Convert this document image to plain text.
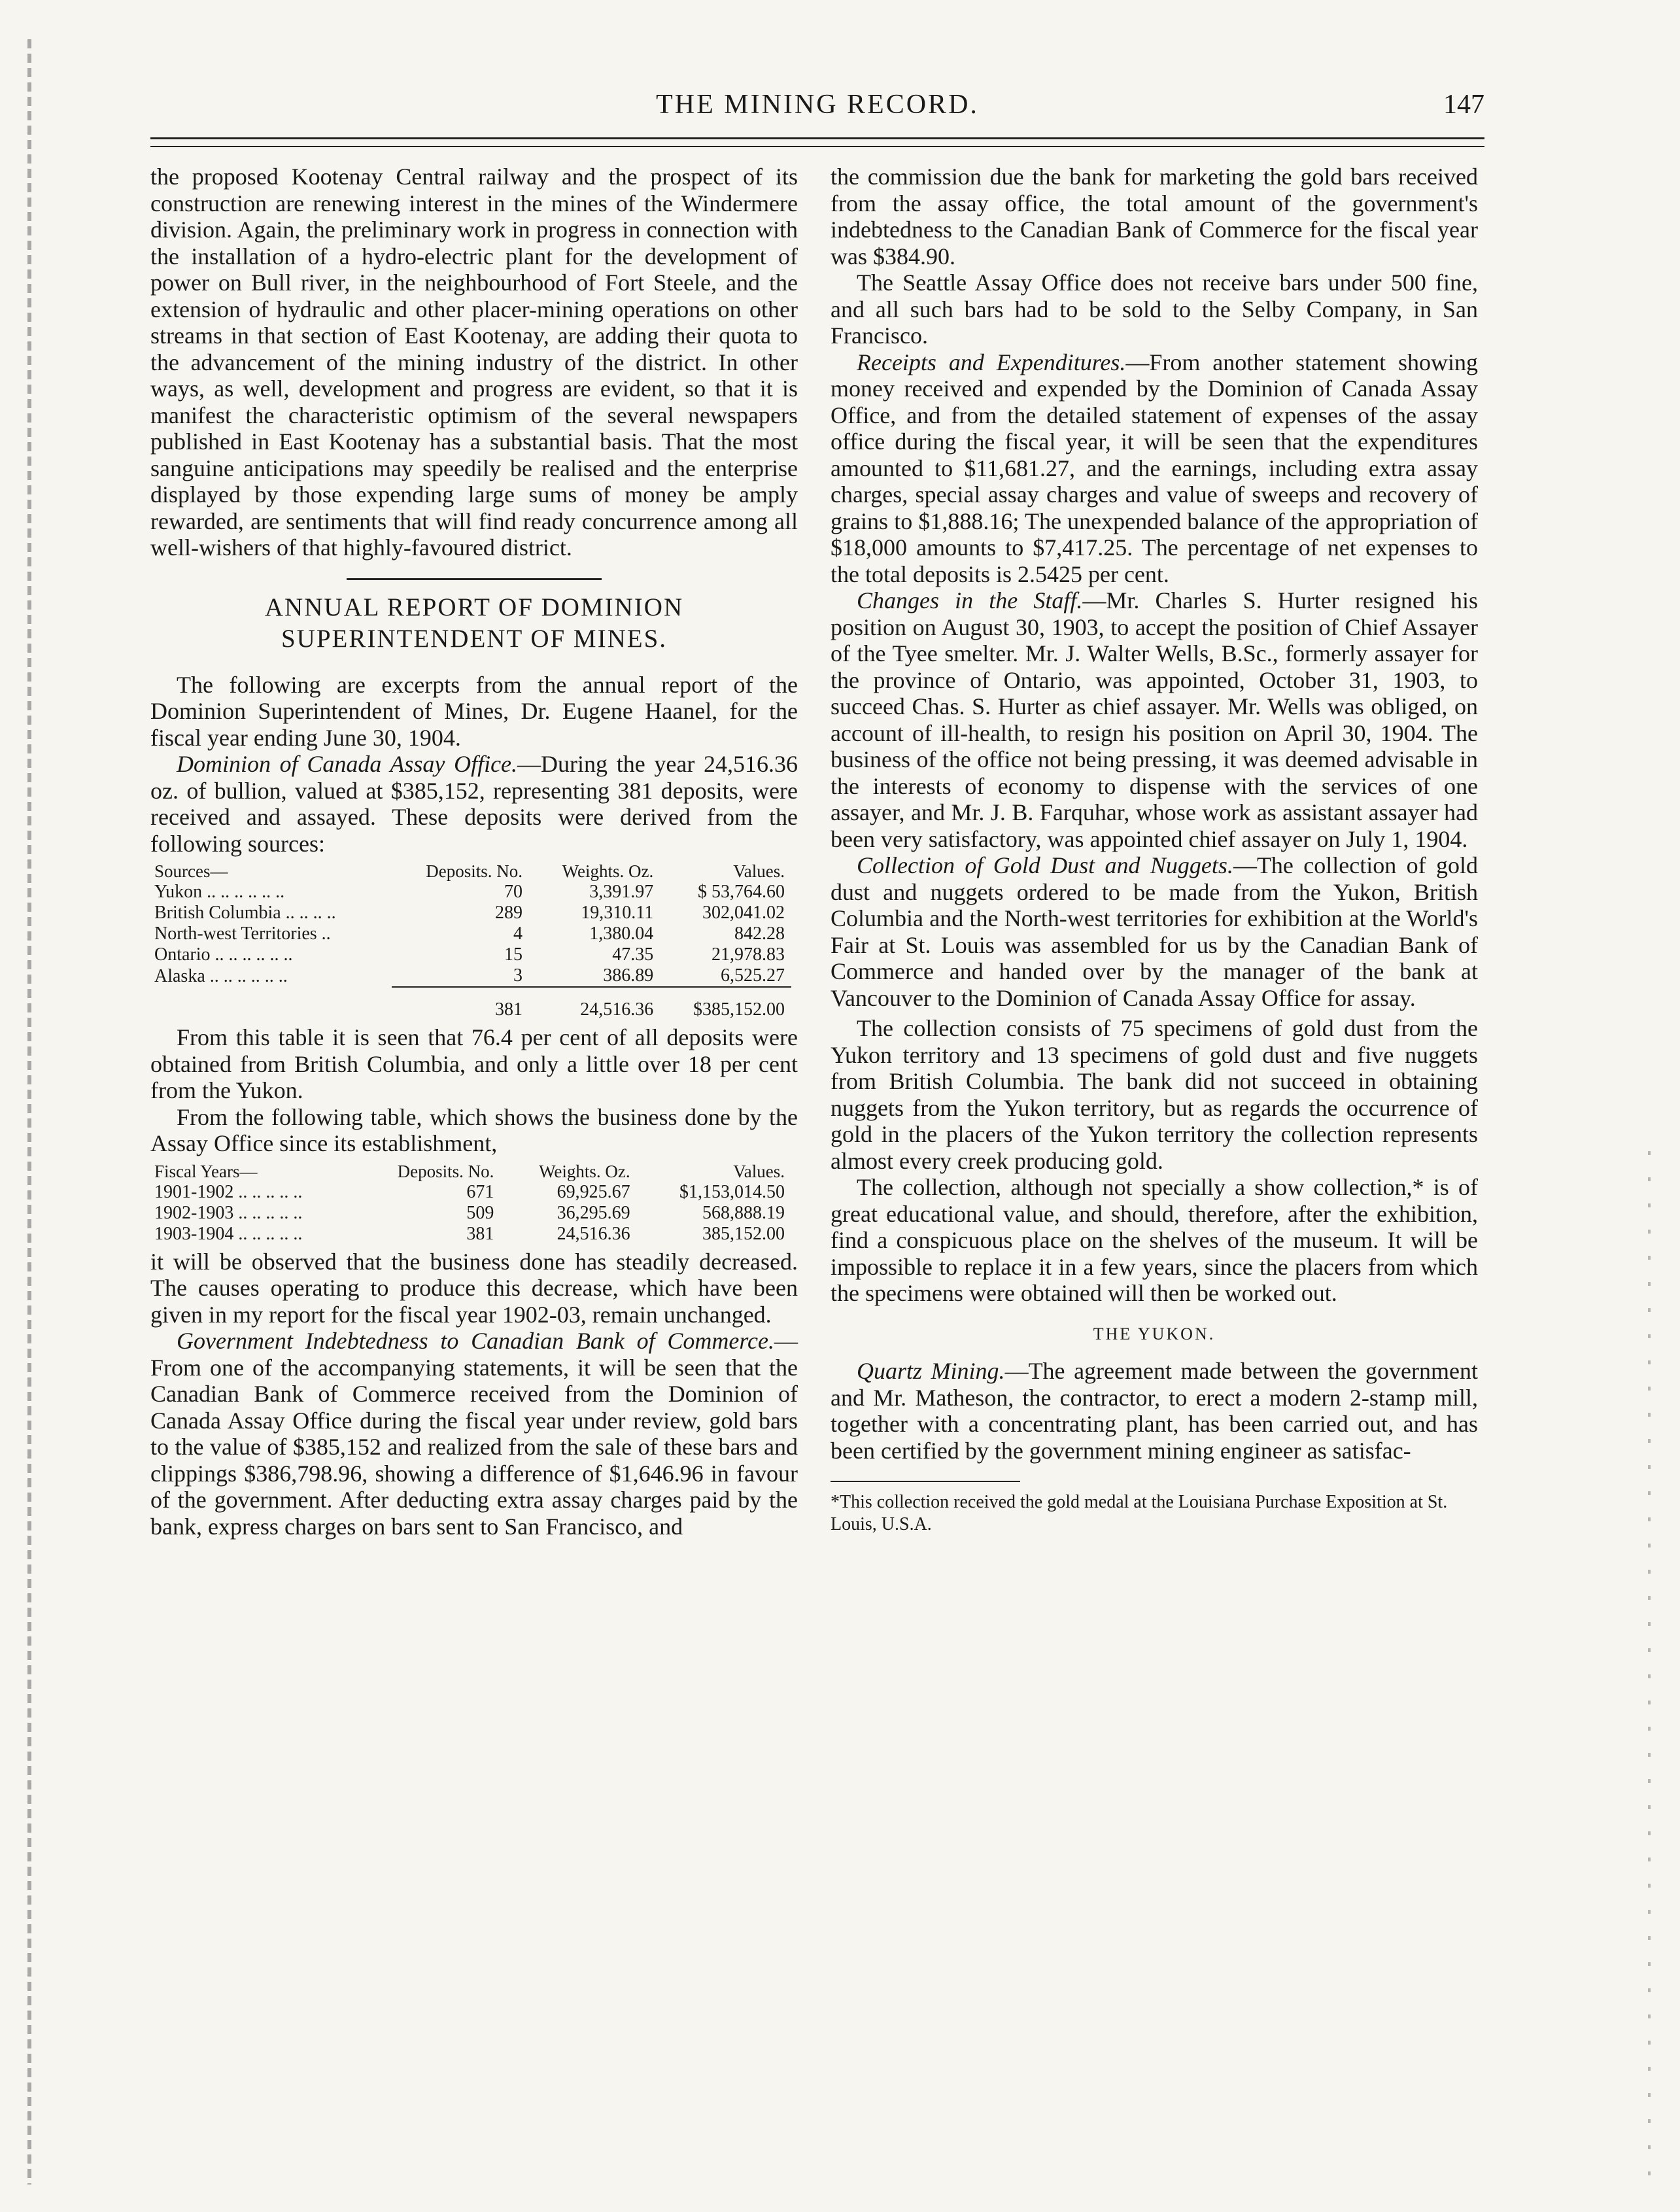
THE MINING RECORD.	147

the proposed Kootenay Central railway and the prospect of its construction are renewing interest in the mines of the Windermere division. Again, the preliminary work in progress in connection with the installation of a hydro-electric plant for the development of power on Bull river, in the neighbourhood of Fort Steele, and the extension of hydraulic and other placer-mining operations on other streams in that section of East Kootenay, are adding their quota to the advancement of the mining industry of the district. In other ways, as well, development and progress are evident, so that it is manifest the characteristic optimism of the several newspapers published in East Kootenay has a substantial basis. That the most sanguine anticipations may speedily be realised and the enterprise displayed by those expending large sums of money be amply rewarded, are sentiments that will find ready concurrence among all well-wishers of that highly-favoured district.

ANNUAL REPORT OF DOMINION SUPERINTENDENT OF MINES.

The following are excerpts from the annual report of the Dominion Superintendent of Mines, Dr. Eugene Haanel, for the fiscal year ending June 30, 1904.

Dominion of Canada Assay Office.—During the year 24,516.36 oz. of bullion, valued at $385,152, representing 381 deposits, were received and assayed. These deposits were derived from the following sources:

Sources—	Deposits. No.	Weights. Oz.	Values.
Yukon .. .. .. .. .. ..	70	3,391.97	$ 53,764.60
British Columbia .. .. .. ..	289	19,310.11	302,041.02
North-west Territories ..	4	1,380.04	842.28
Ontario .. .. .. .. .. ..	15	47.35	21,978.83
Alaska .. .. .. .. .. ..	3	386.89	6,525.27
	381	24,516.36	$385,152.00

From this table it is seen that 76.4 per cent of all deposits were obtained from British Columbia, and only a little over 18 per cent from the Yukon.

From the following table, which shows the business done by the Assay Office since its establishment,

Fiscal Years—	Deposits. No.	Weights. Oz.	Values.
1901-1902 .. .. .. .. ..	671	69,925.67	$1,153,014.50
1902-1903 .. .. .. .. ..	509	36,295.69	568,888.19
1903-1904 .. .. .. .. ..	381	24,516.36	385,152.00

it will be observed that the business done has steadily decreased. The causes operating to produce this decrease, which have been given in my report for the fiscal year 1902-03, remain unchanged.

Government Indebtedness to Canadian Bank of Commerce.—From one of the accompanying statements, it will be seen that the Canadian Bank of Commerce received from the Dominion of Canada Assay Office during the fiscal year under review, gold bars to the value of $385,152 and realized from the sale of these bars and clippings $386,798.96, showing a difference of $1,646.96 in favour of the government. After deducting extra assay charges paid by the bank, express charges on bars sent to San Francisco, and

the commission due the bank for marketing the gold bars received from the assay office, the total amount of the government's indebtedness to the Canadian Bank of Commerce for the fiscal year was $384.90.

The Seattle Assay Office does not receive bars under 500 fine, and all such bars had to be sold to the Selby Company, in San Francisco.

Receipts and Expenditures.—From another statement showing money received and expended by the Dominion of Canada Assay Office, and from the detailed statement of expenses of the assay office during the fiscal year, it will be seen that the expenditures amounted to $11,681.27, and the earnings, including extra assay charges, special assay charges and value of sweeps and recovery of grains to $1,888.16; The unexpended balance of the appropriation of $18,000 amounts to $7,417.25. The percentage of net expenses to the total deposits is 2.5425 per cent.

Changes in the Staff.—Mr. Charles S. Hurter resigned his position on August 30, 1903, to accept the position of Chief Assayer of the Tyee smelter. Mr. J. Walter Wells, B.Sc., formerly assayer for the province of Ontario, was appointed, October 31, 1903, to succeed Chas. S. Hurter as chief assayer. Mr. Wells was obliged, on account of ill-health, to resign his position on April 30, 1904. The business of the office not being pressing, it was deemed advisable in the interests of economy to dispense with the services of one assayer, and Mr. J. B. Farquhar, whose work as assistant assayer had been very satisfactory, was appointed chief assayer on July 1, 1904.

Collection of Gold Dust and Nuggets.—The collection of gold dust and nuggets ordered to be made from the Yukon, British Columbia and the North-west territories for exhibition at the World's Fair at St. Louis was assembled for us by the Canadian Bank of Commerce and handed over by the manager of the bank at Vancouver to the Dominion of Canada Assay Office for assay.

The collection consists of 75 specimens of gold dust from the Yukon territory and 13 specimens of gold dust and five nuggets from British Columbia. The bank did not succeed in obtaining nuggets from the Yukon territory, but as regards the occurrence of gold in the placers of the Yukon territory the collection represents almost every creek producing gold.

The collection, although not specially a show collection,* is of great educational value, and should, therefore, after the exhibition, find a conspicuous place on the shelves of the museum. It will be impossible to replace it in a few years, since the placers from which the specimens were obtained will then be worked out.

THE YUKON.

Quartz Mining.—The agreement made between the government and Mr. Matheson, the contractor, to erect a modern 2-stamp mill, together with a concentrating plant, has been carried out, and has been certified by the government mining engineer as satisfac-

*This collection received the gold medal at the Louisiana Purchase Exposition at St. Louis, U.S.A.
